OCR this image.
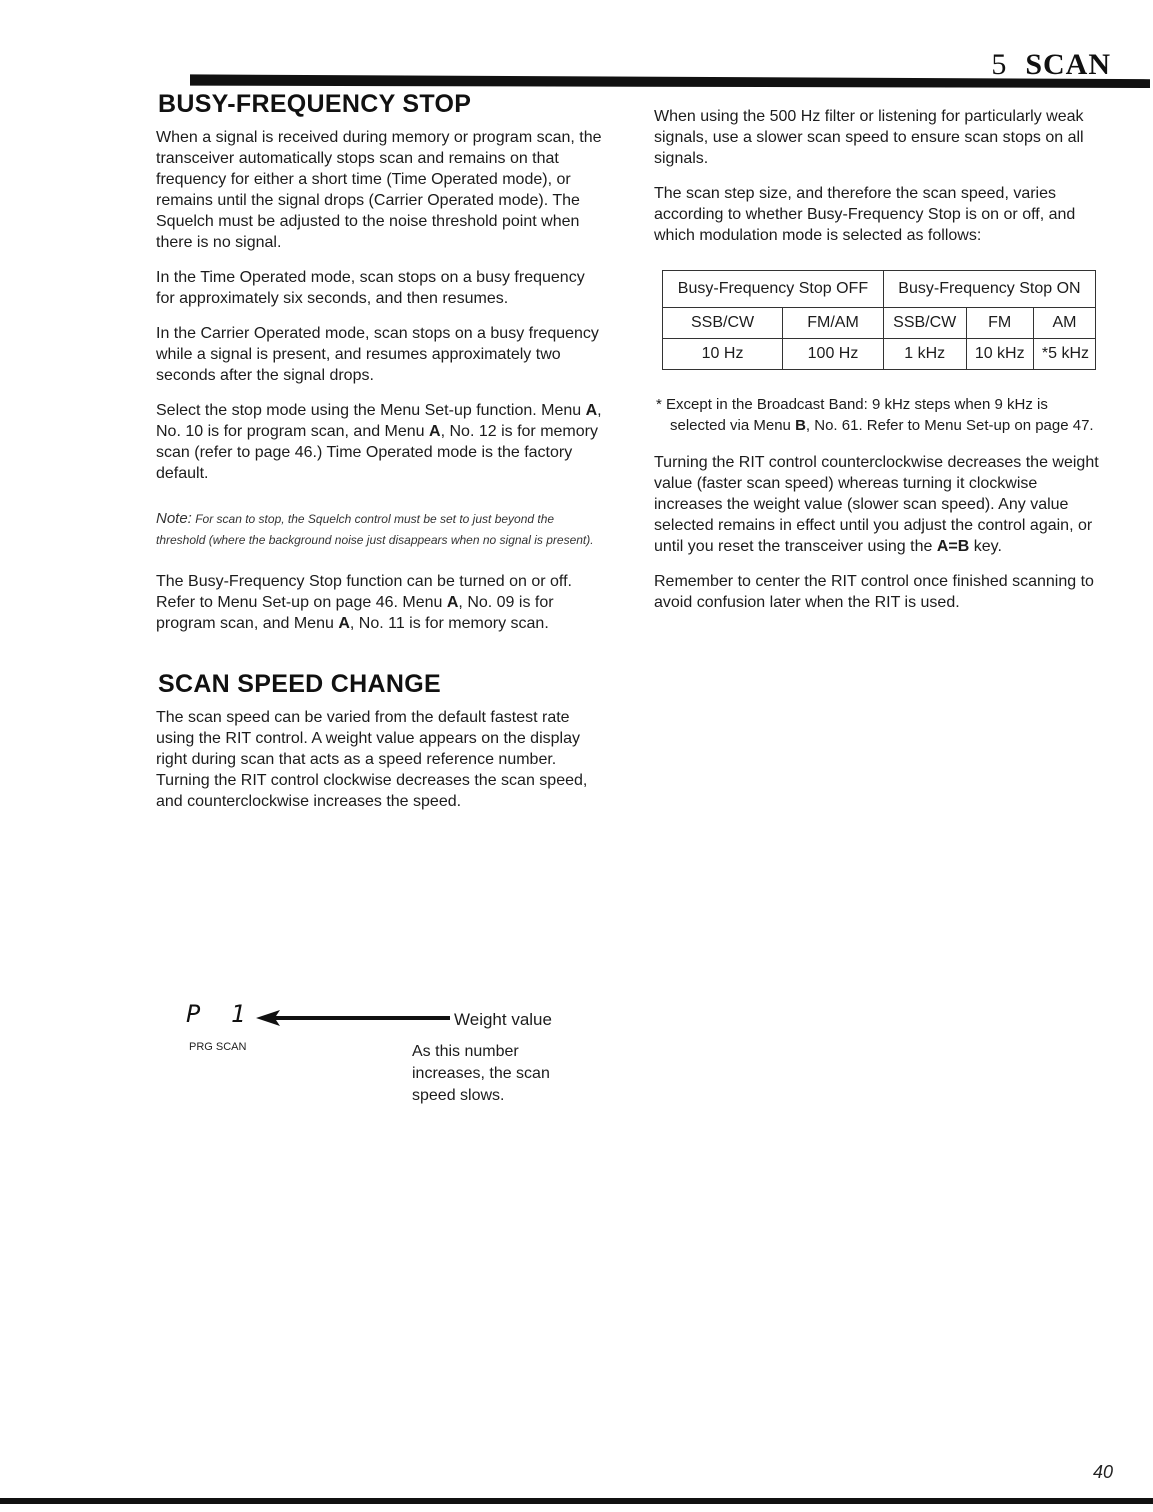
5 SCAN
BUSY-FREQUENCY STOP

When a signal is received during memory or program scan, the transceiver automatically stops scan and remains on that frequency for either a short time (Time Operated mode), or remains until the signal drops (Carrier Operated mode). The Squelch must be adjusted to the noise threshold point when there is no signal.

In the Time Operated mode, scan stops on a busy frequency for approximately six seconds, and then resumes.

In the Carrier Operated mode, scan stops on a busy frequency while a signal is present, and resumes approximately two seconds after the signal drops.

Select the stop mode using the Menu Set-up function. Menu A, No. 10 is for program scan, and Menu A, No. 12 is for memory scan (refer to page 46.) Time Operated mode is the factory default.

Note: For scan to stop, the Squelch control must be set to just beyond the threshold (where the background noise just disappears when no signal is present).

The Busy-Frequency Stop function can be turned on or off. Refer to Menu Set-up on page 46. Menu A, No. 09 is for program scan, and Menu A, No. 11 is for memory scan.

SCAN SPEED CHANGE

The scan speed can be varied from the default fastest rate using the RIT control. A weight value appears on the display right during scan that acts as a speed reference number. Turning the RIT control clockwise decreases the scan speed, and counterclockwise increases the speed.

P 1
PRG SCAN
Weight value
As this number increases, the scan speed slows.

When using the 500 Hz filter or listening for particularly weak signals, use a slower scan speed to ensure scan stops on all signals.

The scan step size, and therefore the scan speed, varies according to whether Busy-Frequency Stop is on or off, and which modulation mode is selected as follows:

Busy-Frequency Stop OFF		Busy-Frequency Stop ON		
SSB/CW	FM/AM	SSB/CW	FM	AM
10 Hz	100 Hz	1 kHz	10 kHz	*5 kHz

* Except in the Broadcast Band: 9 kHz steps when 9 kHz is selected via Menu B, No. 61. Refer to Menu Set-up on page 47.

Turning the RIT control counterclockwise decreases the weight value (faster scan speed) whereas turning it clockwise increases the weight value (slower scan speed). Any value selected remains in effect until you adjust the control again, or until you reset the transceiver using the A=B key.

Remember to center the RIT control once finished scanning to avoid confusion later when the RIT is used.

40
